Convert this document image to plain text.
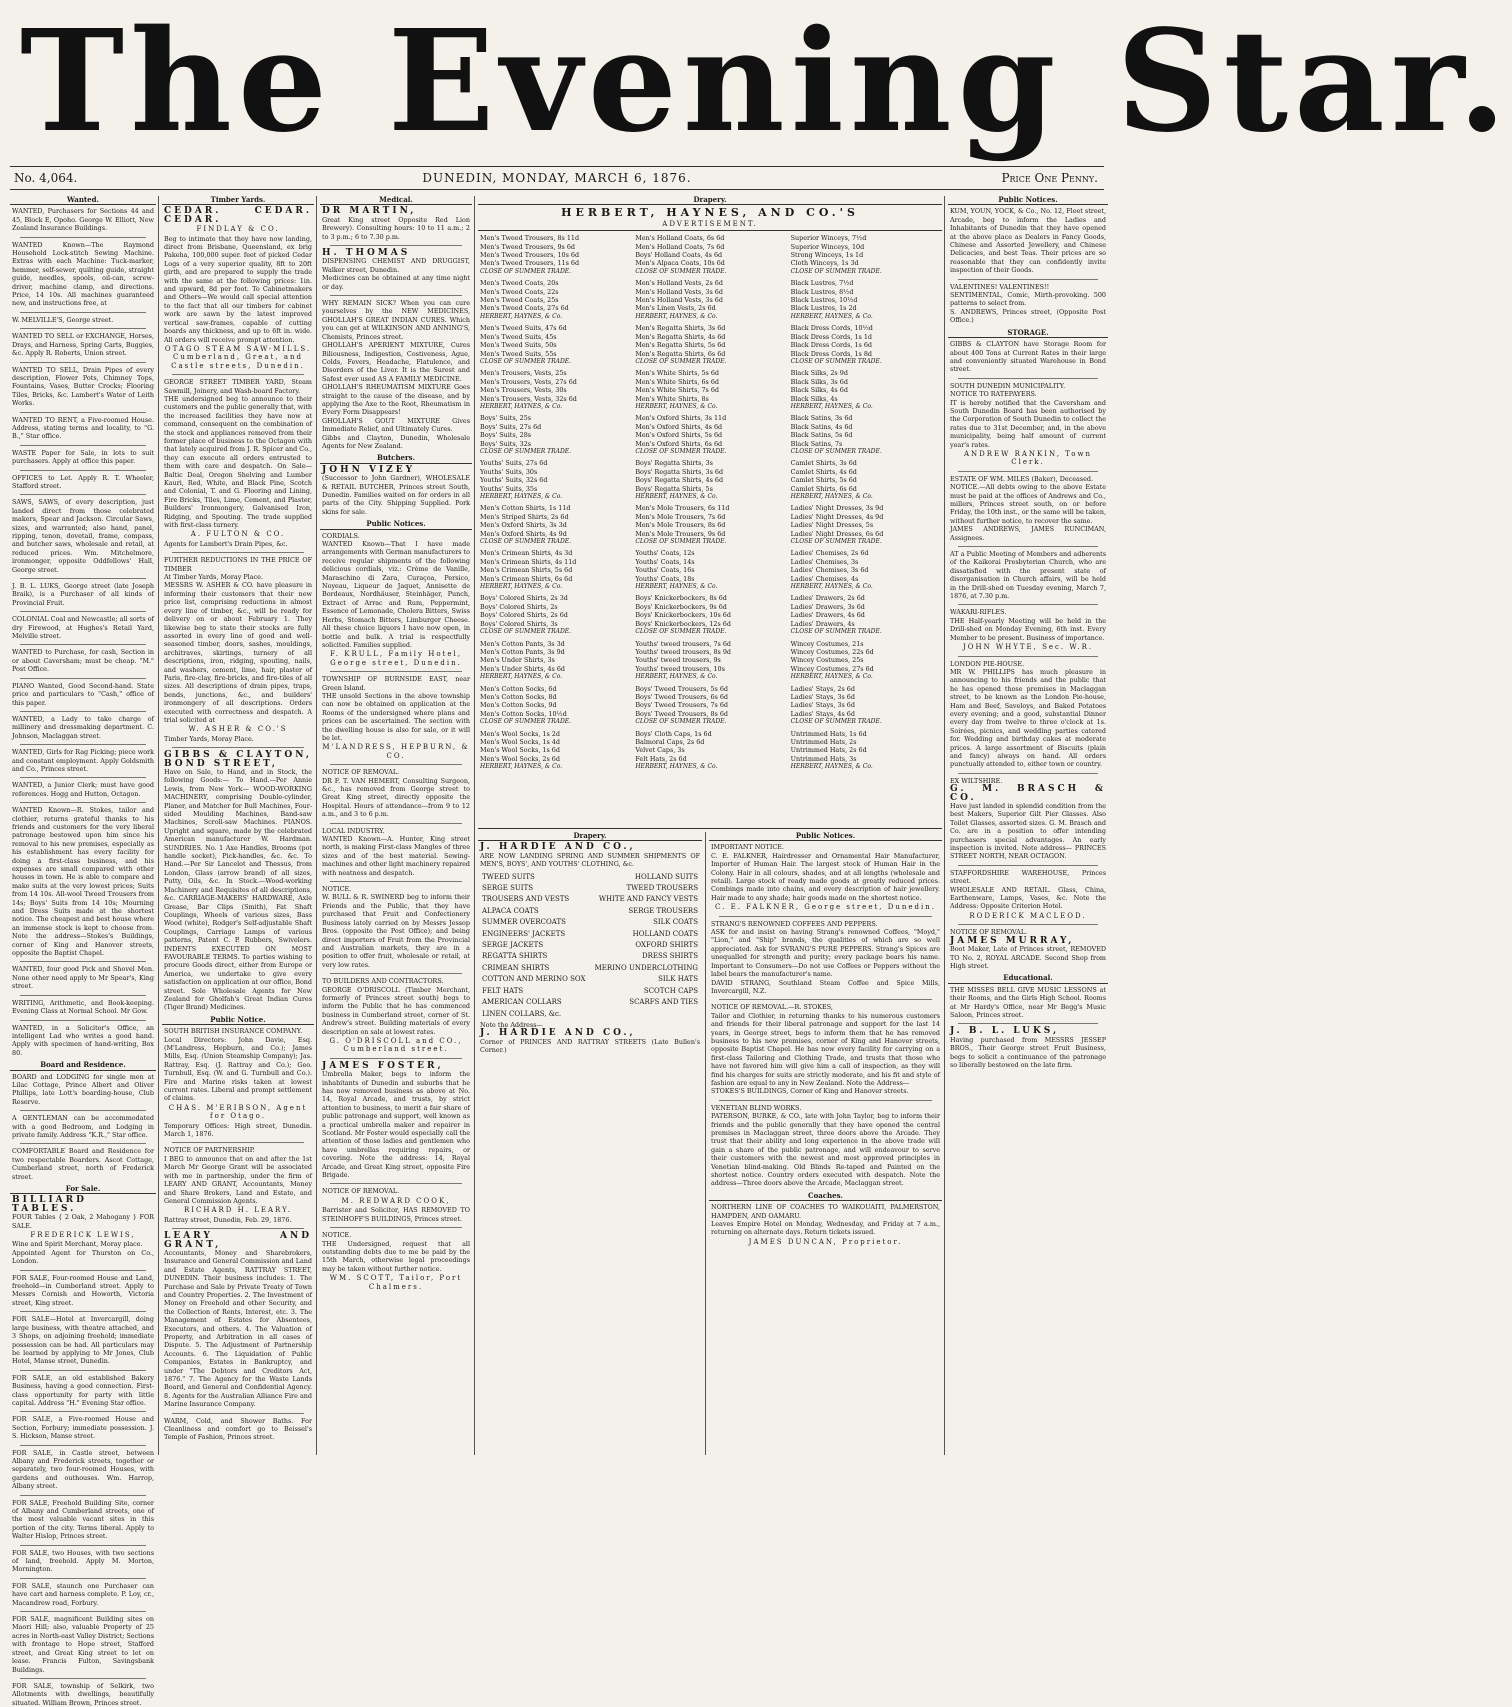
The Evening Star.
DUNEDIN, MONDAY, MARCH 6, 1876.
No. 4,064.	Price One Penny.
Wanted.

WANTED, Purchasers for Sections 44 and 45, Block E, Opoho. George W. Elliott, New Zealand Insurance Buildings.

WANTED Known—The Raymond Household Lock-stitch Sewing Machine. Extras with each Machine: Tuck-marker, hemmer, self-sewer, quilting guide, straight guide, needles, spools, oil-can, screw-driver, machine clamp, and directions. Price, 14 10s. All machines guaranteed new, and instructions free, at

W. MELVILLE'S, George street.

WANTED TO SELL or EXCHANGE, Horses, Drays, and Harness, Spring Carts, Buggies, &c. Apply R. Roberts, Union street.

WANTED TO SELL, Drain Pipes of every description, Flower Pots, Chimney Tops, Fountains, Vases, Butter Crocks; Flooring Tiles, Bricks, &c. Lambert's Water of Leith Works.

WANTED TO RENT, a Five-roomed House. Address, stating terms and locality, to "G. B.," Star office.

WASTE Paper for Sale, in lots to suit purchasers. Apply at office this paper.

OFFICES to Let. Apply R. T. Wheeler, Stafford street.

SAWS, SAWS, of every description, just landed direct from those celebrated makers, Spear and Jackson. Circular Saws, sizes, and warranted; also hand, panel, ripping, tenon, dovetail, frame, compass, and butcher saws, wholesale and retail, at reduced prices. Wm. Mitchelmore, ironmonger, opposite Oddfellows' Hall, George street.

J. B. L. LUKS, George street (late Joseph Braik), is a Purchaser of all kinds of Provincial Fruit.

COLONIAL Coal and Newcastle; all sorts of dry Firewood, at Hughes's Retail Yard, Melville street.

WANTED to Purchase, for cash, Section in or about Caversham; must be cheap. "M." Post Office.

PIANO Wanted, Good Second-hand. State price and particulars to "Cash," office of this paper.

WANTED, a Lady to take charge of millinery and dressmaking department. C. Johnson, Maclaggan street.

WANTED, Girls for Rag Picking; piece work and constant employment. Apply Goldsmith and Co., Princes street.

WANTED, a Junior Clerk; must have good references. Hogg and Hutton, Octagon.

WANTED Known—R. Stokes, tailor and clothier, returns grateful thanks to his friends and customers for the very liberal patronage bestowed upon him since his removal to his new premises, especially as his establishment has every facility for doing a first-class business, and his expenses are small compared with other houses in town. He is able to compare and make suits at the very lowest prices; Suits from 14 10s. All-wool Tweed Trousers from 14s; Boys' Suits from 14 10s; Mourning and Dress Suits made at the shortest notice. The cheapest and best house where an immense stock is kept to choose from. Note the address—Stokes's Buildings, corner of King and Hanover streets, opposite the Baptist Chapel.

WANTED, four good Pick and Shovel Men. None other need apply to Mr Spear's, King street.

WRITING, Arithmetic, and Book-keeping. Evening Class at Normal School. Mr Gow.

WANTED, in a Solicitor's Office, an intelligent Lad who writes a good hand. Apply with specimen of hand-writing, Box 80.

Board and Residence.

BOARD and LODGING for single men at Lilac Cottage, Prince Albert and Oliver Phillips, late Lott's boarding-house, Club Reserve.

A GENTLEMAN can be accommodated with a good Bedroom, and Lodging in private family. Address "K.R.," Star office.

COMFORTABLE Board and Residence for two respectable Boarders. Ascot Cottage, Cumberland street, north of Frederick street.

For Sale.

BILLIARD TABLES.

FOUR Tables { 2 Oak, 2 Mahogany } FOR SALE.

FREDERICK LEWIS,

Wine and Spirit Merchant, Moray place.

Appointed Agent for Thurston on Co., London.

FOR SALE, Four-roomed House and Land, freehold—in Cumberland street. Apply to Messrs Cornish and Howorth, Victoria street, King street.

FOR SALE—Hotel at Invercargill, doing large business, with theatre attached, and 3 Shops, on adjoining freehold; immediate possession can be had. All particulars may be learned by applying to Mr Jones, Club Hotel, Manse street, Dunedin.

FOR SALE, an old established Bakery Business, having a good connection. First-class opportunity for party with little capital. Address "H." Evening Star office.

FOR SALE, a Five-roomed House and Section, Forbury; immediate possession. J. S. Hickson, Manse street.

FOR SALE, in Castle street, between Albany and Frederick streets, together or separately, two four-roomed Houses, with gardens and outhouses. Wm. Harrop, Albany street.

FOR SALE, Freehold Building Site, corner of Albany and Cumberland streets, one of the most valuable vacant sites in this portion of the city. Terms liberal. Apply to Walter Hislop, Princes street.

FOR SALE, two Houses, with two sections of land, freehold. Apply M. Morton, Mornington.

FOR SALE, staunch one Purchaser can have cart and harness complete. P. Loy, cr., Macandrew road, Forbury.

FOR SALE, magnificent Building sites on Maori Hill; also, valuable Property of 25 acres in North-east Valley District; Sections with frontage to Hope street, Stafford street, and Great King street to let on lease. Francis Fulton, Savingsbank Buildings.

FOR SALE, township of Selkirk, two Allotments with dwellings, beautifully situated. William Brown, Princes street.

Timber Yards.

CEDAR. CEDAR. CEDAR.

FINDLAY & CO.

Beg to intimate that they have now landing, direct from Brisbane, Queensland, ex brig Pakeha, 100,000 super. feet of picked Cedar Logs of a very superior quality, 8ft to 20ft girth, and are prepared to supply the trade with the same at the following prices: 1in. and upward, 8d per foot. To Cabinetmakers and Others—We would call special attention to the fact that all our timbers for cabinet work are sawn by the latest improved vertical saw-frames, capable of cutting boards any thickness, and up to 6ft in. wide. All orders will receive prompt attention.

OTAGO STEAM SAW-MILLS. Cumberland, Great, and Castle streets, Dunedin.

GEORGE STREET TIMBER YARD, Steam Sawmill, Joinery, and Wash-board Factory.

THE undersigned beg to announce to their customers and the public generally that, with the increased facilities they have now at command, consequent on the combination of the stock and appliances removed from their former place of business to the Octagon with that lately acquired from J. R. Spicer and Co., they can execute all orders entrusted to them with care and despatch. On Sale—Baltic Deal, Oregon Shelving and Lumber Kauri, Red, White, and Black Pine, Scotch and Colonial, T. and G. Flooring and Lining, Fire Bricks, Tiles, Lime, Cement, and Plaster, Builders' Ironmongery, Galvanised Iron, Ridging, and Spouting. The trade supplied with first-class turnery.

A. FULTON & CO.

Agents for Lambert's Drain Pipes, &c.

FURTHER REDUCTIONS IN THE PRICE OF TIMBER

At Timber Yards, Moray Place.

MESSRS W. ASHER & CO. have pleasure in informing their customers that their new price list, comprising reductions in almost every line of timber, &c., will be ready for delivery on or about February 1. They likewise beg to state their stocks are fully assorted in every line of good and well-seasoned timber, doors, sashes, mouldings, architraves, skirtings, turnery of all descriptions, iron, ridging, spouting, nails, and washers, cement, lime, hair, plaster of Paris, fire-clay, fire-bricks, and fire-tiles of all sizes. All descriptions of drain pipes, traps, bends, junctions, &c., and builders' ironmongery of all descriptions. Orders executed with correctness and despatch. A trial solicited at

W. ASHER & CO.'S

Timber Yards, Moray Place.

GIBBS & CLAYTON, BOND STREET,

Have on Sale, to Hand, and in Stock, the following Goods:— To Hand.—Per Annie Lewis, from New York— WOOD-WORKING MACHINERY, comprising Double-cylinder, Planer, and Matcher for Bull Machines, Four-sided Moulding Machines, Band-saw Machines, Scroll-saw Machines. PIANOS. Upright and square, made by the celebrated American manufacturer W. Hardman. SUNDRIES. No. 1 Axe Handles, Brooms (pot handle socket), Pick-handles, &c. &c. To Hand.—Per Sir Lancelot and Thessus, from London, Glass (arrow brand) of all sizes, Putty, Oils, &c. In Stock.—Wood-working Machinery and Requisites of all descriptions, &c. CARRIAGE-MAKERS' HARDWARE, Axle Grease, Bar Clips (Smith), Fat Shaft Couplings, Wheels of various sizes, Bass Wood (white), Rodger's Self-adjustable Shaft Couplings, Carriage Lamps of various patterns, Patent C. P. Rubbers, Swivelers. INDENTS EXECUTED ON MOST FAVOURABLE TERMS. To parties wishing to procure Goods direct, either from Europe or America, we undertake to give every satisfaction on application at our office, Bond street. Sole Wholesale Agents for New Zealand for Gholfah's Great Indian Cures (Tiger Brand) Medicines.

Public Notice.

SOUTH BRITISH INSURANCE COMPANY.

Local Directors: John Davie, Esq. (M'Landress, Hepburn, and Co.); James Mills, Esq. (Union Steamship Company); Jas. Rattray, Esq. (J. Rattray and Co.); Geo. Turnbull, Esq. (W. and G. Turnbull and Co.). Fire and Marine risks taken at lowest current rates. Liberal and prompt settlement of claims.

CHAS. M'ERIBSON, Agent for Otago.

Temporary Offices: High street, Dunedin. March 1, 1876.

NOTICE OF PARTNERSHIP.

I BEG to announce that on and after the 1st March Mr George Grant will be associated with me in partnership, under the firm of LEARY AND GRANT, Accountants, Money and Share Brokers, Land and Estate, and General Commission Agents.

RICHARD H. LEARY.

Rattray street, Dunedin, Feb. 29, 1876.

LEARY AND GRANT,

Accountants, Money and Sharebrokers, Insurance and General Commission and Land and Estate Agents, RATTRAY STREET, DUNEDIN. Their business includes: 1. The Purchase and Sale by Private Treaty of Town and Country Properties. 2. The Investment of Money on Freehold and other Security, and the Collection of Rents, Interest, etc. 3. The Management of Estates for Absentees, Executors, and others. 4. The Valuation of Property, and Arbitration in all cases of Dispute. 5. The Adjustment of Partnership Accounts. 6. The Liquidation of Public Companies, Estates in Bankruptcy, and under "The Debtors and Creditors Act, 1876." 7. The Agency for the Waste Lands Board, and General and Confidential Agency. 8. Agents for the Australian Alliance Fire and Marine Insurance Company.

WARM, Cold, and Shower Baths. For Cleanliness and comfort go to Beissel's Temple of Fashion, Princes street.

Medical.

DR MARTIN,

Great King street Opposite Red Lion Brewery). Consulting hours: 10 to 11 a.m.; 2 to 3 p.m.; 6 to 7.30 p.m.

H. THOMAS

DISPENSING CHEMIST AND DRUGGIST, Walker street, Dunedin.

Medicines can be obtained at any time night or day.

WHY REMAIN SICK? When you can cure yourselves by the NEW MEDICINES, GHOLLAH'S GREAT INDIAN CURES. Which you can get at WILKINSON AND ANNING'S, Chemists, Princes street.

GHOLLAH'S APERIENT MIXTURE, Cures Biliousness, Indigestion, Costiveness, Ague, Colds, Fevers, Headache, Flatulence, and Disorders of the Liver. It is the Surest and Safest ever used AS A FAMILY MEDICINE.

GHOLLAH'S RHEUMATISM MIXTURE Goes straight to the cause of the disease, and by applying the Axe to the Root, Rheumatism in Every Form Disappears!

GHOLLAH'S GOUT MIXTURE Gives Immediate Relief, and Ultimately Cures.

Gibbs and Clayton, Dunedin, Wholesale Agents for New Zealand.

Butchers.

JOHN VIZEY

(Successor to John Gardner), WHOLESALE & RETAIL BUTCHER, Princes street South, Dunedin. Families waited on for orders in all parts of the City. Shipping Supplied. Pork skins for sale.

Public Notices.

CORDIALS.

WANTED Known—That I have made arrangements with German manufacturers to receive regular shipments of the following delicious cordials, viz.: Crème de Vanille, Maraschino di Zara, Curaçoa, Persico, Noyeau, Liqueur de Jaquet, Annisette de Bordeaux, Nordhäuser, Steinhäger, Punch, Extract of Arrac and Rum, Peppermint, Essence of Lemonade, Cholera Bitters, Swiss Herbs, Stomach Bitters, Limburger Cheese. All these choice liquors I have now open, in bottle and bulk. A trial is respectfully solicited. Families supplied.

F. KRULL, Family Hotel, George street, Dunedin.

TOWNSHIP OF BURNSIDE EAST, near Green Island.

THE unsold Sections in the above township can now be obtained on application at the Rooms of the undersigned where plans and prices can be ascertained. The section with the dwelling house is also for sale, or it will be let.

M'LANDRESS, HEPBURN, & CO.

NOTICE OF REMOVAL.

DR F. T. VAN HEMERT, Consulting Surgeon, &c., has removed from George street to Great King street, directly opposite the Hospital. Hours of attendance—from 9 to 12 a.m., and 3 to 6 p.m.

LOCAL INDUSTRY.

WANTED Known—A. Hunter, King street north, is making First-class Mangles of three sizes and of the best material. Sewing-machines and other light machinery repaired with neatness and despatch.

NOTICE.

W. BULL & R. SWINERD beg to inform their Friends and the Public, that they have purchased that Fruit and Confectionery Business lately carried on by Messrs Jessop Bros. (opposite the Post Office); and being direct importers of Fruit from the Provincial and Australian markets, they are in a position to offer fruit, wholesale or retail, at very low rates.

TO BUILDERS AND CONTRACTORS.

GEORGE O'DRISCOLL (Timber Merchant, formerly of Princes street south) begs to inform the Public that he has commenced business in Cumberland street, corner of St. Andrew's street. Building materials of every description on sale at lowest rates.

G. O'DRISCOLL and CO., Cumberland street.

JAMES FOSTER,

Umbrella Maker, begs to inform the inhabitants of Dunedin and suburbs that he has now removed business as above at No. 14, Royal Arcade, and trusts, by strict attention to business, to merit a fair share of public patronage and support, well known as a practical umbrella maker and repairer in Scotland. Mr Foster would especially call the attention of those ladies and gentlemen who have umbrellas requiring repairs, or covering. Note the address: 14, Royal Arcade, and Great King street, opposite Fire Brigade.

NOTICE OF REMOVAL.

M. REDWARD COOK,

Barrister and Solicitor, HAS REMOVED TO STEINHOFF'S BUILDINGS, Princes street.

NOTICE.

THE Undersigned, request that all outstanding debts due to me be paid by the 15th March, otherwise legal proceedings may be taken without further notice.

WM. SCOTT, Tailor, Port Chalmers.

Drapery.
HERBERT, HAYNES, AND CO.'S
ADVERTISEMENT.

Men's Tweed Trousers, 8s 11d

Men's Tweed Trousers, 9s 6d

Men's Tweed Trousers, 10s 6d

Men's Tweed Trousers, 11s 6d

CLOSE OF SUMMER TRADE.

Men's Tweed Coats, 20s

Men's Tweed Coats, 22s

Men's Tweed Coats, 25s

Men's Tweed Coats, 27s 6d

HERBERT, HAYNES, & Co.

Men's Tweed Suits, 47s 6d

Men's Tweed Suits, 45s

Men's Tweed Suits, 50s

Men's Tweed Suits, 55s

CLOSE OF SUMMER TRADE.

Men's Trousers, Vests, 25s

Men's Trousers, Vests, 27s 6d

Men's Trousers, Vests, 30s

Men's Trousers, Vests, 32s 6d

HERBERT, HAYNES, & Co.

Boys' Suits, 25s

Boys' Suits, 27s 6d

Boys' Suits, 28s

Boys' Suits, 32s

CLOSE OF SUMMER TRADE.

Youths' Suits, 27s 6d

Youths' Suits, 30s

Youths' Suits, 32s 6d

Youths' Suits, 35s

HERBERT, HAYNES, & Co.

Men's Cotton Shirts, 1s 11d

Men's Striped Shirts, 2s 6d

Men's Oxford Shirts, 3s 3d

Men's Oxford Shirts, 4s 9d

CLOSE OF SUMMER TRADE.

Men's Crimean Shirts, 4s 3d

Men's Crimean Shirts, 4s 11d

Men's Crimean Shirts, 5s 6d

Men's Crimean Shirts, 6s 6d

HERBERT, HAYNES, & Co.

Boys' Colored Shirts, 2s 3d

Boys' Colored Shirts, 2s

Boys' Colored Shirts, 2s 6d

Boys' Colored Shirts, 3s

CLOSE OF SUMMER TRADE.

Men's Cotton Pants, 3s 3d

Men's Cotton Pants, 3s 9d

Men's Under Shirts, 3s

Men's Under Shirts, 4s 6d

HERBERT, HAYNES, & Co.

Men's Cotton Socks, 6d

Men's Cotton Socks, 8d

Men's Cotton Socks, 9d

Men's Cotton Socks, 10½d

CLOSE OF SUMMER TRADE.

Men's Wool Socks, 1s 2d

Men's Wool Socks, 1s 4d

Men's Wool Socks, 1s 6d

Men's Wool Socks, 2s 6d

HERBERT, HAYNES, & Co.

Men's Holland Coats, 6s 6d

Men's Holland Coats, 7s 6d

Boys' Holland Coats, 4s 6d

Men's Alpaca Coats, 10s 6d

CLOSE OF SUMMER TRADE.

Men's Holland Vests, 2s 6d

Men's Holland Vests, 3s 6d

Men's Holland Vests, 3s 6d

Men's Linen Vests, 2s 6d

HERBERT, HAYNES, & Co.

Men's Regatta Shirts, 3s 6d

Men's Regatta Shirts, 4s 6d

Men's Regatta Shirts, 5s 6d

Men's Regatta Shirts, 6s 6d

CLOSE OF SUMMER TRADE.

Men's White Shirts, 5s 6d

Men's White Shirts, 6s 6d

Men's White Shirts, 7s 6d

Men's White Shirts, 8s

HERBERT, HAYNES, & Co.

Men's Oxford Shirts, 3s 11d

Men's Oxford Shirts, 4s 6d

Men's Oxford Shirts, 5s 6d

Men's Oxford Shirts, 6s 6d

CLOSE OF SUMMER TRADE.

Boys' Regatta Shirts, 3s

Boys' Regatta Shirts, 3s 6d

Boys' Regatta Shirts, 4s 6d

Boys' Regatta Shirts, 5s

HERBERT, HAYNES, & Co.

Men's Mole Trousers, 6s 11d

Men's Mole Trousers, 7s 6d

Men's Mole Trousers, 8s 6d

Men's Mole Trousers, 9s 6d

CLOSE OF SUMMER TRADE.

Youths' Coats, 12s

Youths' Coats, 14s

Youths' Coats, 16s

Youths' Coats, 18s

HERBERT, HAYNES, & Co.

Boys' Knickerbockers, 8s 6d

Boys' Knickerbockers, 9s 6d

Boys' Knickerbockers, 10s 6d

Boys' Knickerbockers, 12s 6d

CLOSE OF SUMMER TRADE.

Youths' tweed trousers, 7s 6d

Youths' tweed trousers, 8s 9d

Youths' tweed trousers, 9s

Youths' tweed trousers, 10s

HERBERT, HAYNES, & Co.

Boys' Tweed Trousers, 5s 6d

Boys' Tweed Trousers, 6s 6d

Boys' Tweed Trousers, 7s 6d

Boys' Tweed Trousers, 8s 6d

CLOSE OF SUMMER TRADE.

Boys' Cloth Caps, 1s 6d

Balmoral Caps, 2s 6d

Velvet Caps, 3s

Felt Hats, 2s 6d

HERBERT, HAYNES, & Co.

Superior Winceys, 7½d

Superior Winceys, 10d

Strong Winceys, 1s 1d

Cloth Winceys, 1s 3d

CLOSE OF SUMMER TRADE.

Black Lustres, 7½d

Black Lustres, 8½d

Black Lustres, 10½d

Black Lustres, 1s 2d

HERBERT, HAYNES, & Co.

Black Dress Cords, 10½d

Black Dress Cords, 1s 1d

Black Dress Cords, 1s 6d

Black Dress Cords, 1s 8d

CLOSE OF SUMMER TRADE.

Black Silks, 2s 9d

Black Silks, 3s 6d

Black Silks, 4s 6d

Black Silks, 4s

HERBERT, HAYNES, & Co.

Black Satins, 3s 6d

Black Satins, 4s 6d

Black Satins, 5s 6d

Black Satins, 7s

CLOSE OF SUMMER TRADE.

Camlet Shirts, 3s 6d

Camlet Shirts, 4s 6d

Camlet Shirts, 5s 6d

Camlet Shirts, 6s 6d

HERBERT, HAYNES, & Co.

Ladies' Night Dresses, 3s 9d

Ladies' Night Dresses, 4s 9d

Ladies' Night Dresses, 5s

Ladies' Night Dresses, 6s 6d

CLOSE OF SUMMER TRADE.

Ladies' Chemises, 2s 6d

Ladies' Chemises, 3s

Ladies' Chemises, 3s 6d

Ladies' Chemises, 4s

HERBERT, HAYNES, & Co.

Ladies' Drawers, 2s 6d

Ladies' Drawers, 3s 6d

Ladies' Drawers, 4s 6d

Ladies' Drawers, 4s

CLOSE OF SUMMER TRADE.

Wincey Costumes, 21s

Wincey Costumes, 22s 6d

Wincey Costumes, 25s

Wincey Costumes, 27s 6d

HERBERT, HAYNES, & Co.

Ladies' Stays, 2s 6d

Ladies' Stays, 3s 6d

Ladies' Stays, 3s 6d

Ladies' Stays, 4s 6d

CLOSE OF SUMMER TRADE.

Untrimmed Hats, 1s 6d

Untrimmed Hats, 2s

Untrimmed Hats, 2s 6d

Untrimmed Hats, 3s

HERBERT, HAYNES, & Co.

Drapery.

J. HARDIE AND CO.,

ARE NOW LANDING SPRING AND SUMMER SHIPMENTS OF MEN'S, BOYS', AND YOUTHS' CLOTHING, &c.

TWEED SUITS	HOLLAND SUITS
SERGE SUITS	TWEED TROUSERS
TROUSERS AND VESTS	WHITE AND FANCY VESTS
ALPACA COATS	SERGE TROUSERS
SUMMER OVERCOATS	SILK COATS
ENGINEERS' JACKETS	HOLLAND COATS
SERGE JACKETS	OXFORD SHIRTS
REGATTA SHIRTS	DRESS SHIRTS
CRIMEAN SHIRTS	MERINO UNDERCLOTHING
COTTON AND MERINO SOX	SILK HATS
FELT HATS	SCOTCH CAPS
AMERICAN COLLARS	SCARFS AND TIES
LINEN COLLARS, &c.

Note the Address—

J. HARDIE AND CO.,

Corner of PRINCES AND RATTRAY STREETS (Late Bullen's Corner.)

Public Notices.

IMPORTANT NOTICE.

C. E. FALKNER, Hairdresser and Ornamental Hair Manufacturer, Importer of Human Hair. The largest stock of Human Hair in the Colony. Hair in all colours, shades, and at all lengths (wholesale and retail). Large stock of ready made goods at greatly reduced prices. Combings made into chains, and every description of hair jewellery. Hair made to any shade; hair goods made on the shortest notice.

C. E. FALKNER, George street, Dunedin.

STRANG'S RENOWNED COFFEES AND PEPPERS.

ASK for and insist on having Strang's renowned Coffees, "Moyd," "Lion," and "Ship" brands, the qualities of which are so well appreciated. Ask for SVRANG'S PURE PEPPERS. Strang's Spices are unequalled for strength and purity; every package bears his name. Important to Consumers—Do not use Coffees or Peppers without the label bears the manufacturer's name.

DAVID STRANG, Southland Steam Coffee and Spice Mills, Invercargill, N.Z.

NOTICE OF REMOVAL.—R. STOKES,

Tailor and Clothier, in returning thanks to his numerous customers and friends for their liberal patronage and support for the last 14 years, in George street, begs to inform them that he has removed business to his new premises, corner of King and Hanover streets, opposite Baptist Chapel. He has now every facility for carrying on a first-class Tailoring and Clothing Trade, and trusts that those who have not favored him will give him a call of inspection, as they will find his charges for suits are strictly moderate, and his fit and style of fashion are equal to any in New Zealand. Note the Address—

STOKES'S BUILDINGS, Corner of King and Hanover streets.

VENETIAN BLIND WORKS.

PATERSON, BURKE, & CO., late with John Taylor, beg to inform their friends and the public generally that they have opened the central premises in Maclaggan street, three doors above the Arcade. They trust that their ability and long experience in the above trade will gain a share of the public patronage, and will endeavour to serve their customers with the newest and most approved principles in Venetian blind-making. Old Blinds Re-taped and Painted on the shortest notice. Country orders executed with despatch. Note the address—Three doors above the Arcade, Maclaggan street.

Coaches.

NORTHERN LINE OF COACHES TO WAIKOUAITI, PALMERSTON, HAMPDEN, AND OAMARU.

Leaves Empire Hotel on Monday, Wednesday, and Friday at 7 a.m., returning on alternate days. Return tickets issued.

JAMES DUNCAN, Proprietor.

Public Notices.

KUM, YOUN, YOCK, & Co., No. 12, Fleet street, Arcade, beg to inform the Ladies and Inhabitants of Dunedin that they have opened at the above place as Dealers in Fancy Goods, Chinese and Assorted Jewellery, and Chinese Delicacies, and best Teas. Their prices are so reasonable that they can confidently invite inspection of their Goods.

VALENTINES! VALENTINES!!

SENTIMENTAL, Comic, Mirth-provoking. 500 patterns to select from.

S. ANDREWS, Princes street, (Opposite Post Office.)

STORAGE.

GIBBS & CLAYTON have Storage Room for about 400 Tons at Current Rates in their large and conveniently situated Warehouse in Bond street.

SOUTH DUNEDIN MUNICIPALITY.

NOTICE TO RATEPAYERS.

IT is hereby notified that the Caversham and South Dunedin Board has been authorised by the Corporation of South Dunedin to collect the rates due to 31st December, and, in the above municipality, being half amount of current year's rates.

ANDREW RANKIN, Town Clerk.

ESTATE OF WM. MILES (Baker), Deceased.

NOTICE.—All debts owing to the above Estate must be paid at the offices of Andrews and Co., millers, Princes street south, on or before Friday, the 10th inst., or the same will be taken, without further notice, to recover the same.

JAMES ANDREWS, JAMES RUNCIMAN, Assignees.

AT a Public Meeting of Members and adherents of the Kaikorai Presbyterian Church, who are dissatisfied with the present state of disorganisation in Church affairs, will be held in the Drill-shed on Tuesday evening, March 7, 1876, at 7.30 p.m.

WAKARI-RIFLES.

THE Half-yearly Meeting will be held in the Drill-shed on Monday Evening, 6th inst. Every Member to be present. Business of importance.

JOHN WHYTE, Sec. W.R.

LONDON PIE-HOUSE.

MR W. PHILLIPS has much pleasure in announcing to his friends and the public that he has opened those premises in Maclaggan street, to be known as the London Pie-house, Ham and Beef, Saveloys, and Baked Potatoes every evening; and a good, substantial Dinner every day from twelve to three o'clock at 1s. Soirées, picnics, and wedding parties catered for. Wedding and birthday cakes at moderate prices. A large assortment of Biscuits (plain and fancy) always on hand. All orders punctually attended to, either town or country.

EX WILTSHIRE.

G. M. BRASCH & CO.

Have just landed in splendid condition from the best Makers, Superior Gilt Pier Glasses. Also Toilet Glasses, assorted sizes. G. M. Brasch and Co. are in a position to offer intending purchasers special advantages. An early inspection is invited. Note address— PRINCES STREET NORTH, NEAR OCTAGON.

STAFFORDSHIRE WAREHOUSE, Princes street.

WHOLESALE AND RETAIL. Glass, China, Earthenware, Lamps, Vases, &c. Note the Address: Opposite Criterion Hotel.

RODERICK MACLEOD.

NOTICE OF REMOVAL.

JAMES MURRAY,

Boot Maker, Late of Princes street, REMOVED TO No. 2, ROYAL ARCADE. Second Shop from High street.

Educational.

THE MISSES BELL GIVE MUSIC LESSONS at their Rooms, and the Girls High School. Rooms at Mr Hardy's Office, near Mr Begg's Music Saloon, Princes street.

J. B. L. LUKS,

Having purchased from MESSRS JESSEP BROS., Their George street Fruit Business, begs to solicit a continuance of the patronage so liberally bestowed on the late firm.
